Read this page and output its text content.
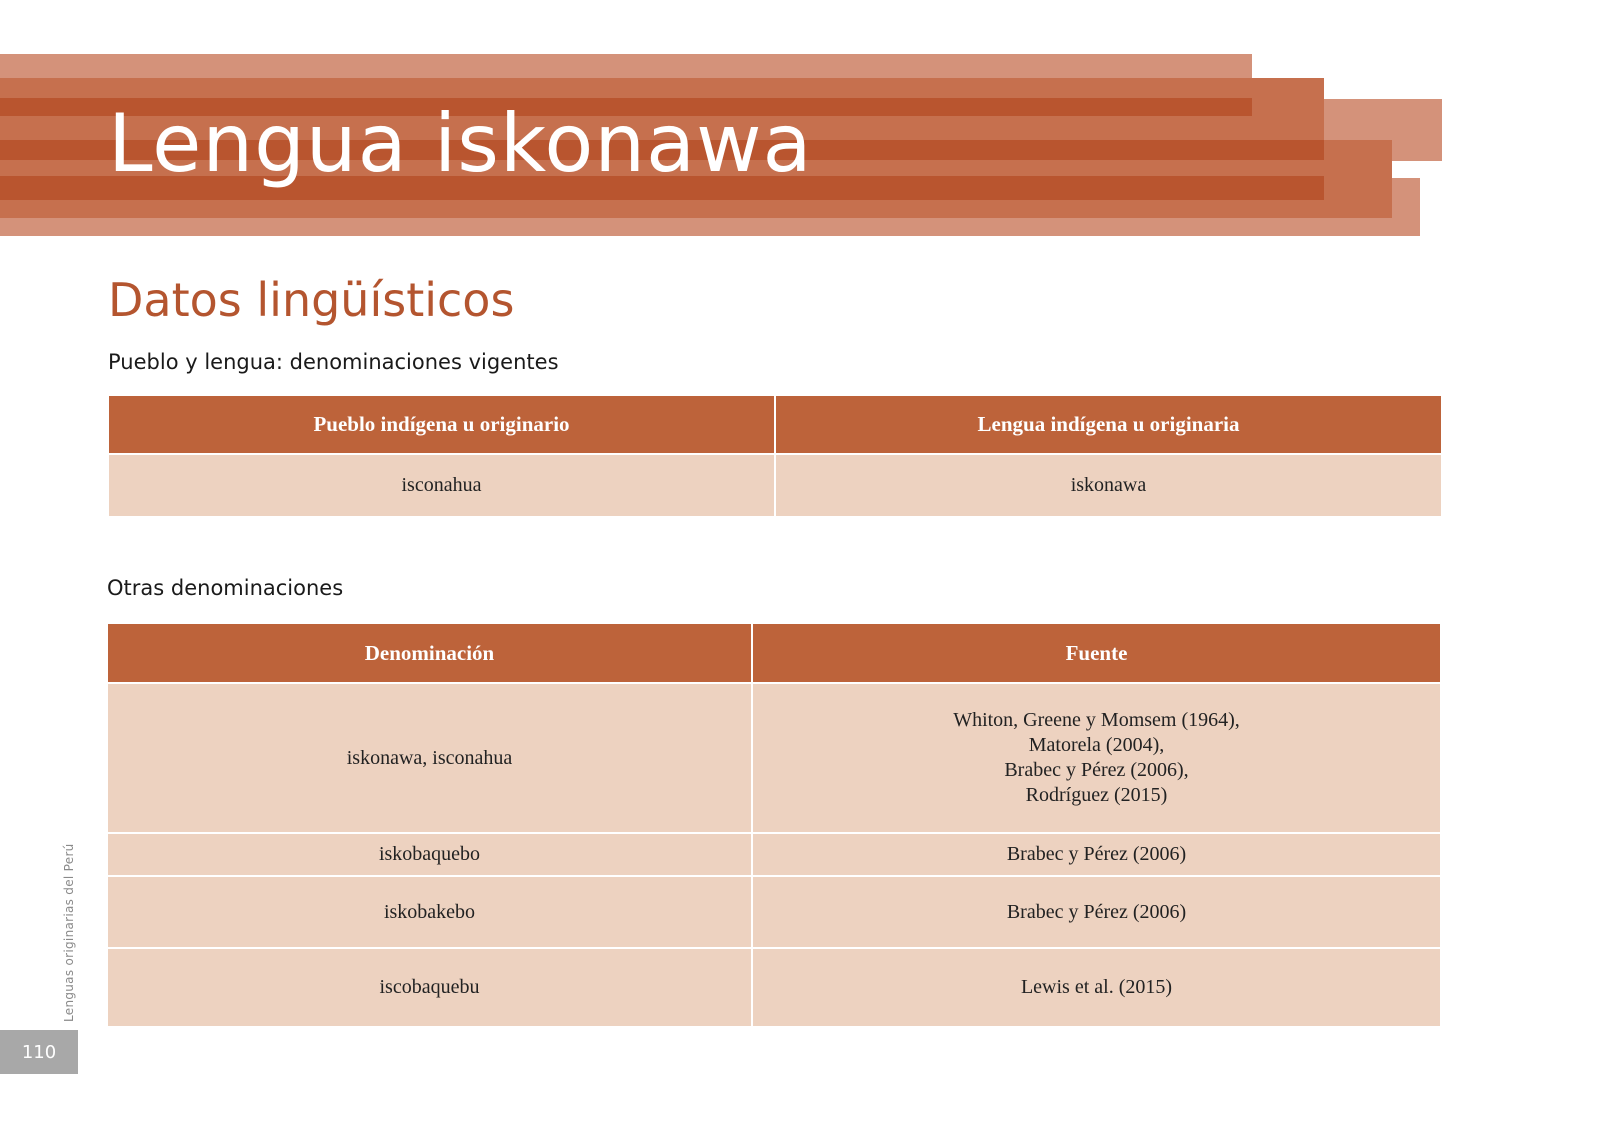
Lengua iskonawa
Datos lingüísticos
Pueblo y lengua: denominaciones vigentes
Pueblo indígena u originario	Lengua indígena u originaria
isconahua	iskonawa
Otras denominaciones
Denominación	Fuente
iskonawa, isconahua	Whiton, Greene y Momsem (1964),
Matorela (2004),
Brabec y Pérez (2006),
Rodríguez (2015)

iskobaquebo	Brabec y Pérez (2006)
iskobakebo	Brabec y Pérez (2006)
iscobaquebu	Lewis et al. (2015)
Lenguas originarias del Perú
110
